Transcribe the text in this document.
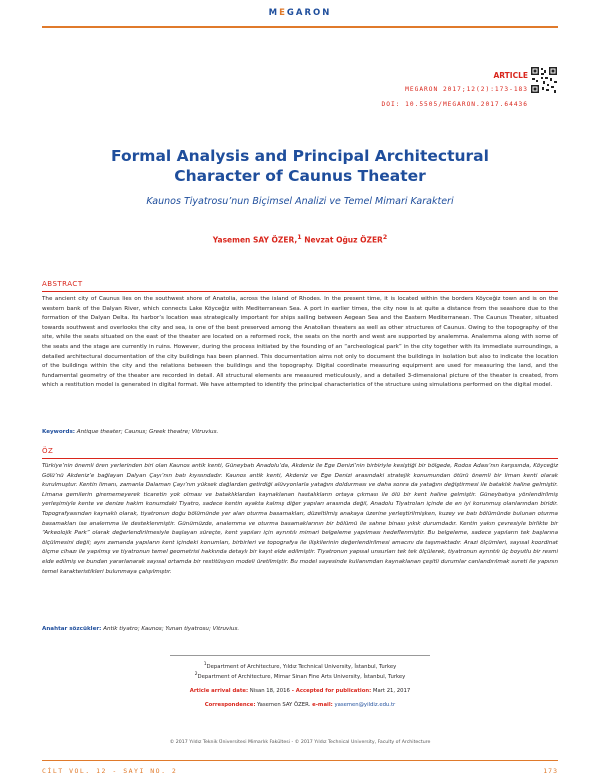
MEGARON
ARTICLE
MEGARON 2017;12(2):173-183
DOI: 10.5505/MEGARON.2017.64436
Formal Analysis and Principal Architectural
Character of Caunus Theater
Kaunos Tiyatrosu’nun Biçimsel Analizi ve Temel Mimari Karakteri
Yasemen SAY ÖZER,$^1$ Nevzat Oğuz ÖZER$^2$
ABSTRACT
The ancient city of Caunus lies on the southwest shore of Anatolia, across the island of Rhodes. In the present time, it is located within the borders Köyceğiz town and is on the western bank of the Dalyan River, which connects Lake Köyceğiz with Mediterranean Sea. A port in earlier times, the city now is at quite a distance from the seashore due to the formation of the Dalyan Delta. Its harbor’s location was strategically important for ships sailing between Aegean Sea and the Eastern Mediterranean. The Caunus Theater, situated towards southwest and overlooks the city and sea, is one of the best preserved among the Anatolian theaters as well as other structures of Caunus. Owing to the topography of the site, while the seats situated on the east of the theater are located on a reformed rock, the seats on the north and west are supported by analemma. Analemma along with some of the seats and the stage are currently in ruins. However, during the process initiated by the founding of an “archeological park” in the city together with its immediate surroundings, a detailed architectural documentation of the city buildings has been planned. This documentation aims not only to document the buildings in isolation but also to indicate the location of the buildings within the city and the relations between the buildings and the topography. Digital coordinate measuring equipment are used for measuring the land, and the fundamental geometry of the theater are recorded in detail. All structural elements are measured meticulously, and a detailed 3-dimensional picture of the theater is created, from which a restitution model is generated in digital format. We have attempted to identify the principal characteristics of the structure using simulations performed on the digital model.
Keywords: Antique theater; Caunus; Greek theatre; Vitruvius.
ÖZ
Türkiye’nin önemli ören yerlerinden biri olan Kaunos antik kenti, Güneybatı Anadolu’da, Akdeniz ile Ege Denizi’nin birbiriyle kesiştiği bir bölgede, Rodos Adası’nın karşısında, Köyceğiz Gölü’nü Akdeniz’e bağlayan Dalyan Çayı’nın batı kıyısındadır. Kaunos antik kenti, Akdeniz ve Ege Denizi arasındaki stratejik konumundan ötürü önemli bir liman kenti olarak kurulmuştur. Kentin limanı, zamanla Dalaman Çayı’nın yüksek dağlardan getirdiği alüvyonlarla yatağını doldurması ve daha sonra da yatağını değiştirmesi ile bataklık haline gelmiştir. Limana gemilerin girememeyerek ticaretin yok olması ve bataklıklardan kaynaklanan hastalıkların ortaya çıkması ile ölü bir kent haline gelmiştir. Güneybatıya yönlendirilmiş yerleşimiyle kente ve denize hakim konumdaki Tiyatro, sadece kentin ayakta kalmış diğer yapıları arasında değil, Anadolu Tiyatroları içinde de en iyi korunmuş olanlarından biridir. Topografyasından kaynaklı olarak, tiyatronun doğu bölümünde yer alan oturma basamakları, düzeltilmiş anakaya üzerine yerleştirilmişken, kuzey ve batı bölümünde bulunan oturma basamakları ise analemma ile desteklenmiştir. Günümüzde, analemma ve oturma basamaklarının bir bölümü ile sahne binası yıkık durumdadır. Kentin yakın çevresiyle birlikte bir “Arkeolojik Park” olarak değerlendirilmesiyle başlayan süreçte, kent yapıları için ayrıntılı mimari belgeleme yapılması hedeflenmiştir. Bu belgeleme, sadece yapıların tek başlarına ölçülmesini değil; aynı zamanda yapıların kent içindeki konumları, birbirleri ve topografya ile ilişkilerinin değerlendirilmesi amacını da taşımaktadır. Arazi ölçümleri, sayısal koordinat ölçme cihazı ile yapılmış ve tiyatronun temel geometrisi hakkında detaylı bir kayıt elde edilmiştir. Tiyatronun yapısal unsurları tek tek ölçülerek, tiyatronun ayrıntılı üç boyutlu bir resmi elde edilmiş ve bundan yararlanarak sayısal ortamda bir restitüsyon modeli üretilmiştir. Bu model sayesinde kullanımdan kaynaklanan çeşitli durumlar canlandırılmak sureti ile yapının temel karakteristikleri bulunmaya çalışılmıştır.
Anahtar sözcükler: Antik tiyatro; Kaunos; Yunan tiyatrosu; Vitruvius.
$^1$Department of Architecture, Yıldız Technical University, İstanbul, Turkey
$^2$Department of Architecture, Mimar Sinan Fine Arts University, İstanbul, Turkey
Article arrival date: Nisan 18, 2016 - Accepted for publication: Mart 21, 2017
Correspondence: Yasemen SAY ÖZER. e-mail: yasemen@yildiz.edu.tr
© 2017 Yıldız Teknik Üniversitesi Mimarlık Fakültesi - © 2017 Yıldız Technical University, Faculty of Architecture
CİLT VOL. 12 - SAYI NO. 2	173
